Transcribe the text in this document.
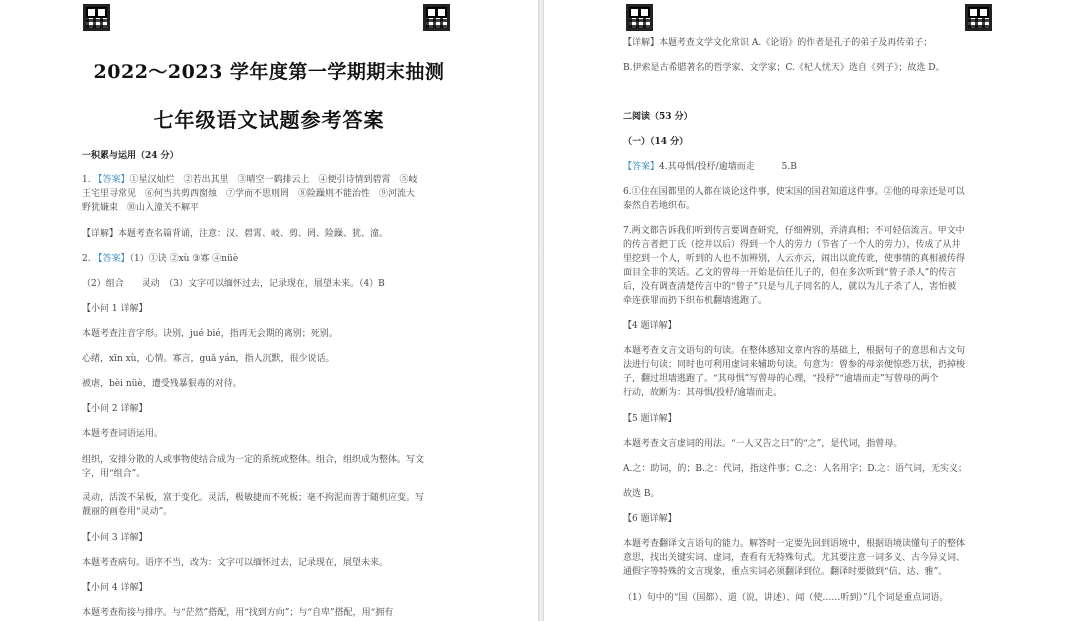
2022～2023 学年度第一学期期末抽测
七年级语文试题参考答案
一积累与运用（24 分）
1. 【答案】①星汉灿烂　②若出其里　③晴空一鹤排云上　④便引诗情到碧霄　⑤岐
王宅里寻常见　⑥何当共剪西窗烛　⑦学而不思则罔　⑧险躁则不能治性　⑨河流大
野犹嫌束　⑩山入潼关不解平
【详解】本题考查名篇背诵，注意：汉、碧霄、岐、剪、罔、险躁、犹、潼。
2. 【答案】（1）①诀 ②xù ③寡 ④nüè
（2）组合　　灵动　（3）文字可以缅怀过去，记录现在，展望未来。（4）B
【小问 1 详解】
本题考查注音字形。诀别，jué bié，指再无会期的离别；死别。
心绪，xīn xù，心情。寡言，guǎ yán，指人沉默，很少说话。
被虐，bèi nüè，遭受残暴狠毒的对待。
【小问 2 详解】
本题考查词语运用。
组织，安排分散的人或事物使结合成为一定的系统或整体。组合，组织成为整体。写文
字，用“组合”。
灵动，活泼不呆板，富于变化。灵活，极敏捷而不死板；毫不拘泥而善于随机应变。写
靓丽的画卷用“灵动”。
【小问 3 详解】
本题考查病句。语序不当，改为：文字可以缅怀过去，记录现在，展望未来。
【小问 4 详解】
本题考查衔接与排序。与“茫然”搭配，用“找到方向”；与“自卑”搭配，用“拥有
【详解】本题考查文学文化常识 A.《论语》的作者是孔子的弟子及再传弟子；
B.伊索是古希腊著名的哲学家、文学家；C.《杞人忧天》选自《列子》；故选 D。
二阅读（53 分）
（一）（14 分）
【答案】4.其母惧/投杼/逾墙而走　　　5.B
6.①住在国都里的人都在谈论这件事，使宋国的国君知道这件事。②他的母亲还是可以
泰然自若地织布。
7.两文都告诉我们听到传言要调查研究，仔细辨别，弄清真相；不可轻信流言。甲文中
的传言者把丁氏（挖井以后）得到一个人的劳力（节省了一个人的劳力），传成了从井
里挖到一个人，听到的人也不加辨别，人云亦云，闹出以讹传讹，使事情的真相被传得
面目全非的笑话。乙文的曾母一开始是信任儿子的，但在多次听到“曾子杀人”的传言
后，没有调查清楚传言中的“曾子”只是与儿子同名的人，就以为儿子杀了人，害怕被
牵连获罪而扔下织布机翻墙逃跑了。
【4 题详解】
本题考查文言文语句的句读。在整体感知文章内容的基础上，根据句子的意思和古文句
法进行句读；同时也可利用虚词来辅助句读。句意为：曾参的母亲便惊恐万状，扔掉梭
子，翻过坦墙逃跑了。“其母惧”写曾母的心理，“投杼”“逾墙而走”写曾母的两个
行动，故断为：其母惧/投杼/逾墙而走。
【5 题详解】
本题考查文言虚词的用法。“一人又告之曰”的“之”，是代词，指曾母。
A.之：助词，的；B.之：代词，指这件事；C.之：人名用字；D.之：语气词，无实义；
故选 B。
【6 题详解】
本题考查翻译文言语句的能力。解答时一定要先回到语境中，根据语境读懂句子的整体
意思，找出关键实词、虚词，查看有无特殊句式。尤其要注意一词多义、古今异义词、
通假字等特殊的文言现象，重点实词必须翻译到位。翻译时要做到“信、达、雅”。
（1）句中的“国（国都）、道（说，讲述）、闻（使……听到）”几个词是重点词语。
